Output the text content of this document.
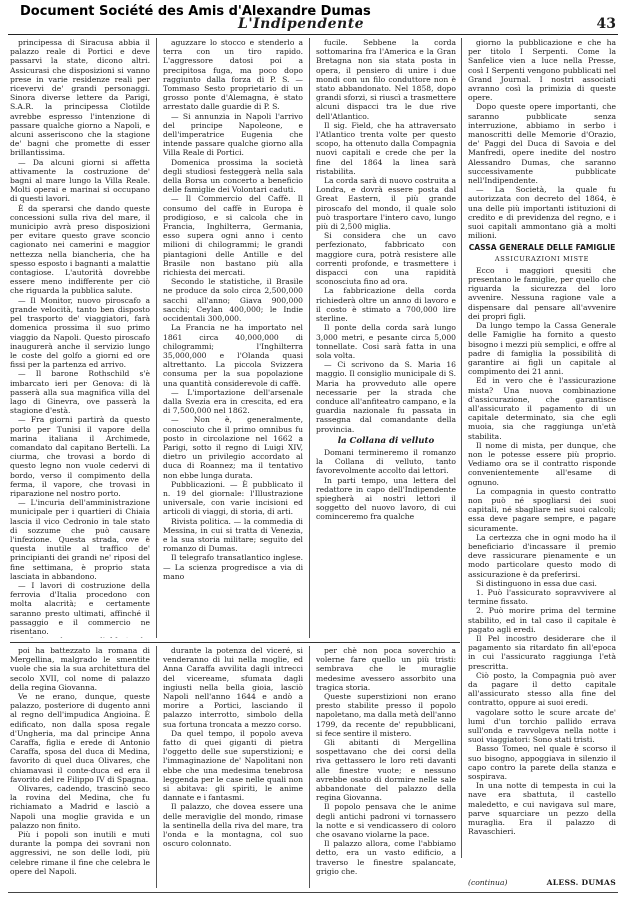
Document Société des Amis d'Alexandre Dumas
L'Indipendente	43

principessa di Siracusa abbia il palazzo reale di Portici e deve passarvi la state, dicono altri. Assicurasi che disposizioni si vanno prese in varie residenze reali per ricevervi de' grandi personaggi. Sinora diverse lettere da Parigi, S.A.R. la principessa Clotilde avrebbe espresso l'intenzione di passare qualche giorno a Napoli, e alcuni asseriscono che la stagione de' bagni che promette di esser brillantissima.

— Da alcuni giorni si affetta attivamente la costruzione de' bagni al mare lungo la Villa Reale. Molti operai e marinai si occupano di questi lavori.

È da sperarsi che dando queste concessioni sulla riva del mare, il municipio avrà preso disposizioni per evitare questo grave sconcio cagionato nei camerini e maggior nettezza nella biancheria, che ha spesso esposto i bagnanti a malattie contagiose. L'autorità dovrebbe essere meno indifferente per ciò che riguarda la pubblica salute.

— Il Monitor, nuovo piroscafo a grande velocità, tanto ben disposto pel trasporto de' viaggiatori, farà domenica prossima il suo primo viaggio da Napoli. Questo piroscafo inaugurerà anche il servizio lungo le coste del golfo a giorni ed ore fissi per la partenza ed arrivo.

— Il barone Rothschild s'è imbarcato ieri per Genova: di là passerà alla sua magnifica villa del lago di Ginevra, ove passerà la stagione d'està.

— Fra giorni partirà da questo porto per Tunisi il vapore della marina italiana il Archimede, comandato dal capitano Bertelli. La ciurma, che trovasi a bordo di questo legno non vuole cedervi di bordo, verso il compimento della ferma, il vapore, che trovasi in riparazione nel nostro porto.

— L'incuria dell'amministrazione municipale per i quartieri di Chiaia lascia il vico Cedronio in tale stato di sozzume che può causare l'infezione. Questa strada, ove è questa inutile al traffico de' principianti dei grandi ne' riposi del fine settimana, è proprio stata lasciata in abbandono.

— I lavori di costruzione della ferrovia d'Italia procedono con molta alacrità; e certamente saranno presto ultimati, affinché il passaggio e il commercio ne risentano.

aguzzare lo stocco e stenderlo a terra con un tiro rapido. L'aggressore datosi poi a precipitosa fuga, ma poco dopo raggiunto dalla forza di P. S. — Tommaso Sesto proprietario di un grosso ponte d'Alemagna, è stato arrestato dalle guardie di P. S.

— Si annunzia in Napoli l'arrivo del principe Napoleone, e dell'imperatrice Eugenia che intende passare qualche giorno alla Villa Reale di Portici.

Domenica prossima la società degli studiosi festeggerà nella sala della Borsa un concerto a beneficio delle famiglie dei Volontari caduti.

— Il Commercio del Caffè. Il consumo del caffè in Europa è prodigioso, e si calcola che in Francia, Inghilterra, Germania, esso supera ogni anno i cento milioni di chilogrammi; le grandi piantagioni delle Antille e del Brasile non bastano più alla richiesta dei mercati.

Secondo le statistiche, il Brasile ne produce da solo circa 2,500,000 sacchi all'anno; Giava 900,000 sacchi; Ceylan 400,000; le Indie occidentali 300,000.

La Francia ne ha importato nel 1861 circa 40,000,000 di chilogrammi; l'Inghilterra 35,000,000 e l'Olanda quasi altrettanto. La piccola Svizzera consuma per la sua popolazione una quantità considerevole di caffè.

— L'importazione dell'arsenale dalla Svezia era in crescita, ed era di 7,500,000 nel 1862.

— Non è, generalmente, conosciuto che il primo omnibus fu posto in circolazione nel 1662 a Parigi, sotto il regno di Luigi XIV, dietro un privilegio accordato al duca di Roannez; ma il tentativo non ebbe lunga durata.

Pubblicazioni. — È pubblicato il n. 19 del giornale: l'Illustrazione universale, con varie incisioni ed articoli di viaggi, di storia, di arti.

Rivista politica. — la commedia di Messina, in cui si tratta di Venezia, e la sua storia militare; seguito del romanzo di Dumas.

Il telegrafo transatlantico inglese. — La scienza progredisce a via di mano

fucile. Sebbene la corda sottomarina fra l'America e la Gran Bretagna non sia stata posta in opera, il pensiero di unire i due mondi con un filo conduttore non è stato abbandonato. Nel 1858, dopo grandi sforzi, si riuscì a trasmettere alcuni dispacci tra le due rive dell'Atlantico.

Il sig. Field, che ha attraversato l'Atlantico trenta volte per questo scopo, ha ottenuto dalla Compagnia nuovi capitali e crede che per la fine del 1864 la linea sarà ristabilita.

La corda sarà di nuovo costruita a Londra, e dovrà essere posta dal Great Eastern, il più grande piroscafo del mondo, il quale solo può trasportare l'intero cavo, lungo più di 2,500 miglia.

Si considera che un cavo perfezionato, fabbricato con maggiore cura, potrà resistere alle correnti profonde, e trasmettere i dispacci con una rapidità sconosciuta fino ad ora.

La fabbricazione della corda richiederà oltre un anno di lavoro e il costo è stimato a 700,000 lire sterline.

Il ponte della corda sarà lungo 3,000 metri, e pesante circa 5,000 tonnellate. Cosi sarà fatta in una sola volta.

— Ci scrivono da S. Maria 16 maggio. Il consiglio municipale di S. Maria ha provveduto alle opere necessarie per la strada che conduce all'anfiteatro campano, e la guardia nazionale fu passata in rassegna dal comandante della provincia.

la Collana di velluto

Domani termineremo il romanzo la Collana di velluto, tanto favorevolmente accolto dai lettori.

In parti tempo, una lettera del redattore in capo dell'Indipendente spiegherà ai nostri lettori il soggetto del nuovo lavoro, di cui cominceremo fra qualche

giorno la pubblicazione e che ha per titolo I Serpenti. Come la Sanfelice vien a luce nella Presse, così I Serpenti vengono pubblicati nel Grand Journal. I nostri associati avranno così la primizia di queste opere.

Dopo queste opere importanti, che saranno pubblicate senza interruzione, abbiamo in serbo i manoscritti delle Memorie d'Orazio, de' Paggi del Duca di Savoia e del Manfredi, opere inedite del nostro Alessandro Dumas, che saranno successivamente pubblicate nell'Indipendente.

— La Società, la quale fu autorizzata con decreto del 1864, è una delle più importanti istituzioni di credito e di previdenza del regno, e i suoi capitali ammontano già a molti milioni.

CASSA GENERALE DELLE FAMIGLIE
ASSICURAZIONI MISTE

Ecco i maggiori quesiti che presentano le famiglie, per quello che riguarda la sicurezza del loro avvenire. Nessuna ragione vale a dispensare dal pensare all'avvenire dei propri figli.

Da lungo tempo la Cassa Generale delle Famiglie ha fornito a questo bisogno i mezzi più semplici, e offre al padre di famiglia la possibilità di garantire ai figli un capitale al compimento dei 21 anni.

Ed in vero che è l'assicurazione mista? Una nuova combinazione d'assicurazione, che garantisce all'assicurato il pagamento di un capitale determinato, sia che egli muoia, sia che raggiunga un'età stabilita.

Il nome di mista, per dunque, che non le potesse essere più proprio. Vediamo ora se il contratto risponde convenientemente all'esame di ognuno.

La compagnia in questo contratto non può né spogliarsi dei suoi capitali, né sbagliare nei suoi calcoli; essa deve pagare sempre, e pagare sicuramente.

La certezza che in ogni modo ha il beneficiario d'incassare il premio deve rassicurare pienamente e un modo particolare questo modo di assicurazione è da preferirsi.

Si distinguono in essa due casi.

1. Può l'assicurato sopravvivere al termine fissato.

2. Può morire prima del termine stabilito, ed in tal caso il capitale è pagato agli eredi.

Il Pel incostro desiderare che il pagamento sia ritardato fin all'epoca in cui l'assicurato raggiunga l'età prescritta.

Ciò posto, la Compagnia può aver da pagare il detto capitale all'assicurato stesso alla fine del contratto, oppure ai suoi eredi.

vagolare sotto le scure arcate de' lumi d'un torchio pallido errava sull'onda e ravvolgeva nella notte i suoi viaggiatori: Sono stati tristi.

Basso Tomeo, nel quale è scorso il suo bisogno, appoggiava in silenzio il capo contro la parete della stanza e sospirava.

In una notte di tempesta in cui la nave era sbattuta, il castello maledetto, e cui navigava sul mare, parve squarciare un pezzo della muraglia. Era il palazzo di Ravaschieri.

poi ha battezzato la romana di Mergellina, malgrado le smentite vuole che sia la sua architettura del secolo XVII, col nome di palazzo della regina Giovanna.

Ve ne erano, dunque, queste palazzo, posteriore di dugento anni al regno dell'impudica Angioina. È edificato, non dalla sposa regale d'Ungheria, ma dal principe Anna Caraffa, figlia e erede di Antonio Caraffa, sposa del duca di Medina, favorito di quel duca Olivares, che chiamavasi il conte-duca ed era il favorito del re Filippo IV di Spagna.

Olivares, cadendo, trascinò seco la rovina del Medina, che fu richiamato a Madrid e lasciò a Napoli una moglie gravida e un palazzo non finito.

Più i popoli son inutili e muti durante la pompa dei sovrani non aggressivi, ne son delle lodi, più celebre rimane il fine che celebra le opere del Napoli.

durante la potenza del viceré, si venderanno di lui nella moglie, ed Anna Caraffa avvilita dagli intrecci del vicereame, sfumata dagli ingiusti nella bella gioia, lasciò Napoli nell'anno 1644 e andò a morire a Portici, lasciando il palazzo interrotto, simbolo della sua fortuna troncata a mezzo corso.

Da quel tempo, il popolo aveva fatto di quei giganti di pietra l'oggetto delle sue superstizioni; e l'immaginazione de' Napolitani non ebbe che una medesima tenebrosa leggenda per le case nelle quali non si abitava: gli spiriti, le anime dannate e i fantasmi.

Il palazzo, che dovea essere una delle meraviglie del mondo, rimase la sentinella della riva del mare, tra l'onda e la montagna, col suo oscuro colonnato.

per chè non poca soverchio a volerne fare quello un più tristi: sembrava che le muraglie medesime avessero assorbito una tragica storia.

Queste superstizioni non erano presto stabilite presso il popolo napoletano, ma dalla metà dell'anno 1799, da recente de' repubblicani, si fece sentire il mistero.

Gli abitanti di Mergellina sospettavano che dei corsi della riva gettassero le loro reti davanti alle finestre vuote; e nessuno avrebbe osato di dormire nelle sale abbandonate del palazzo della regina Giovanna.

Il popolo pensava che le anime degli antichi padroni vi tornassero la notte e si vendicassero di coloro che osavano violarne la pace.

Il palazzo allora, come l'abbiamo detto, era un vasto edificio, a traverso le finestre spalancate, grigio che.

(continua)	ALESS. DUMAS
